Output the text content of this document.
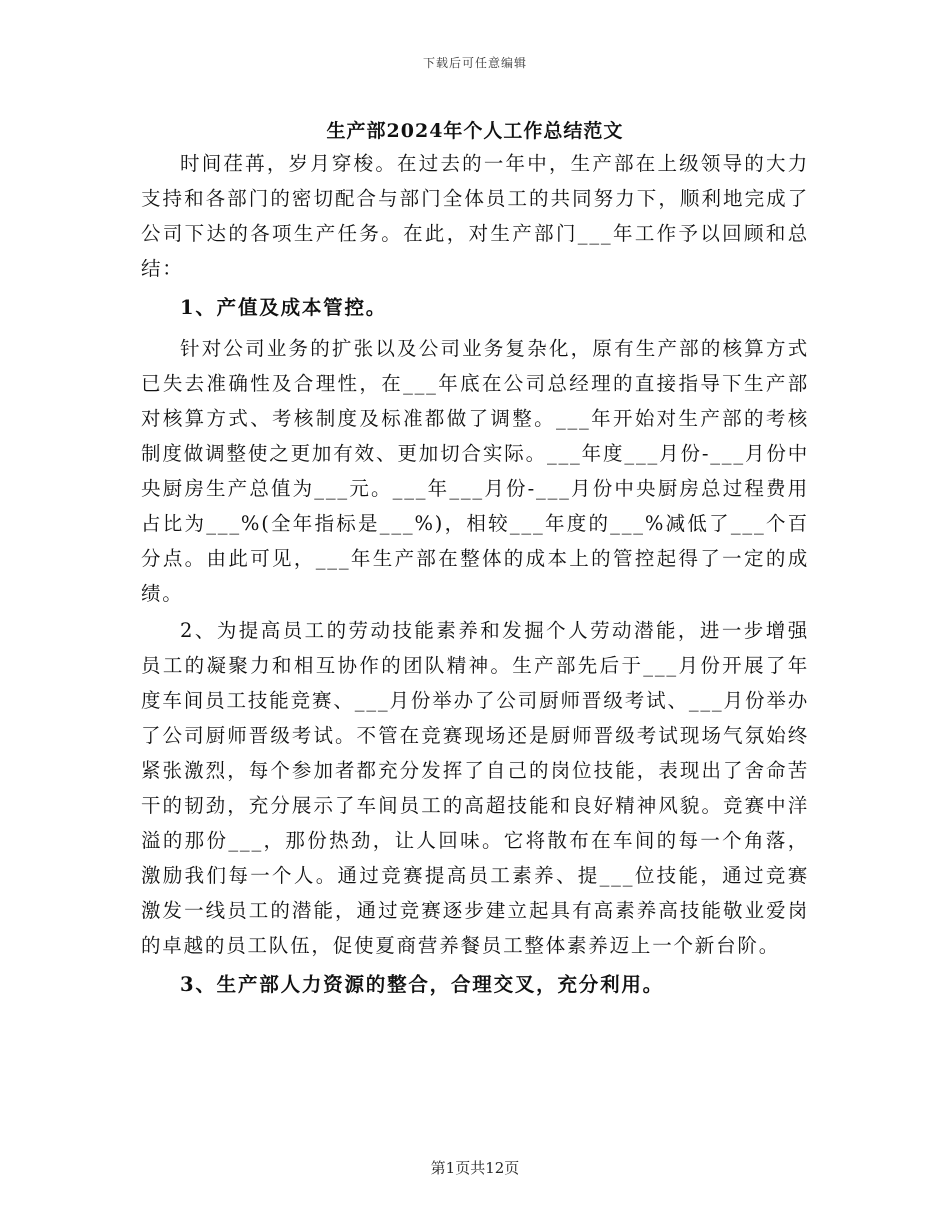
下载后可任意编辑
生产部2024年个人工作总结范文

时间荏苒，岁月穿梭。在过去的一年中，生产部在上级领导的大力支持和各部门的密切配合与部门全体员工的共同努力下，顺利地完成了公司下达的各项生产任务。在此，对生产部门___年工作予以回顾和总结：

1、产值及成本管控。

针对公司业务的扩张以及公司业务复杂化，原有生产部的核算方式已失去准确性及合理性，在___年底在公司总经理的直接指导下生产部对核算方式、考核制度及标准都做了调整。___年开始对生产部的考核制度做调整使之更加有效、更加切合实际。___年度___月份-___月份中央厨房生产总值为___元。___年___月份-___月份中央厨房总过程费用占比为___%(全年指标是___%)，相较___年度的___%减低了___个百分点。由此可见，___年生产部在整体的成本上的管控起得了一定的成绩。

2、为提高员工的劳动技能素养和发掘个人劳动潜能，进一步增强员工的凝聚力和相互协作的团队精神。生产部先后于___月份开展了年度车间员工技能竞赛、___月份举办了公司厨师晋级考试、___月份举办了公司厨师晋级考试。不管在竞赛现场还是厨师晋级考试现场气氛始终紧张激烈，每个参加者都充分发挥了自己的岗位技能，表现出了舍命苦干的韧劲，充分展示了车间员工的高超技能和良好精神风貌。竞赛中洋溢的那份___，那份热劲，让人回味。它将散布在车间的每一个角落，激励我们每一个人。通过竞赛提高员工素养、提___位技能，通过竞赛激发一线员工的潜能，通过竞赛逐步建立起具有高素养高技能敬业爱岗的卓越的员工队伍，促使夏商营养餐员工整体素养迈上一个新台阶。

3、生产部人力资源的整合，合理交叉，充分利用。

第1页共12页
